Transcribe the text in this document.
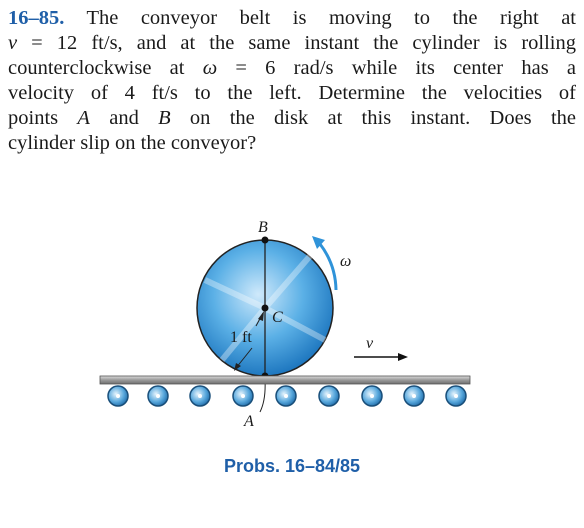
16–85. The conveyor belt is moving to the right at
v = 12 ft/s, and at the same instant the cylinder is rolling
counterclockwise at ω = 6 rad/s while its center has a
velocity of 4 ft/s to the left. Determine the velocities of
points A and B on the disk at this instant. Does the
cylinder slip on the conveyor?
1 ft
ω
B
C
A
v
Probs. 16–84/85
